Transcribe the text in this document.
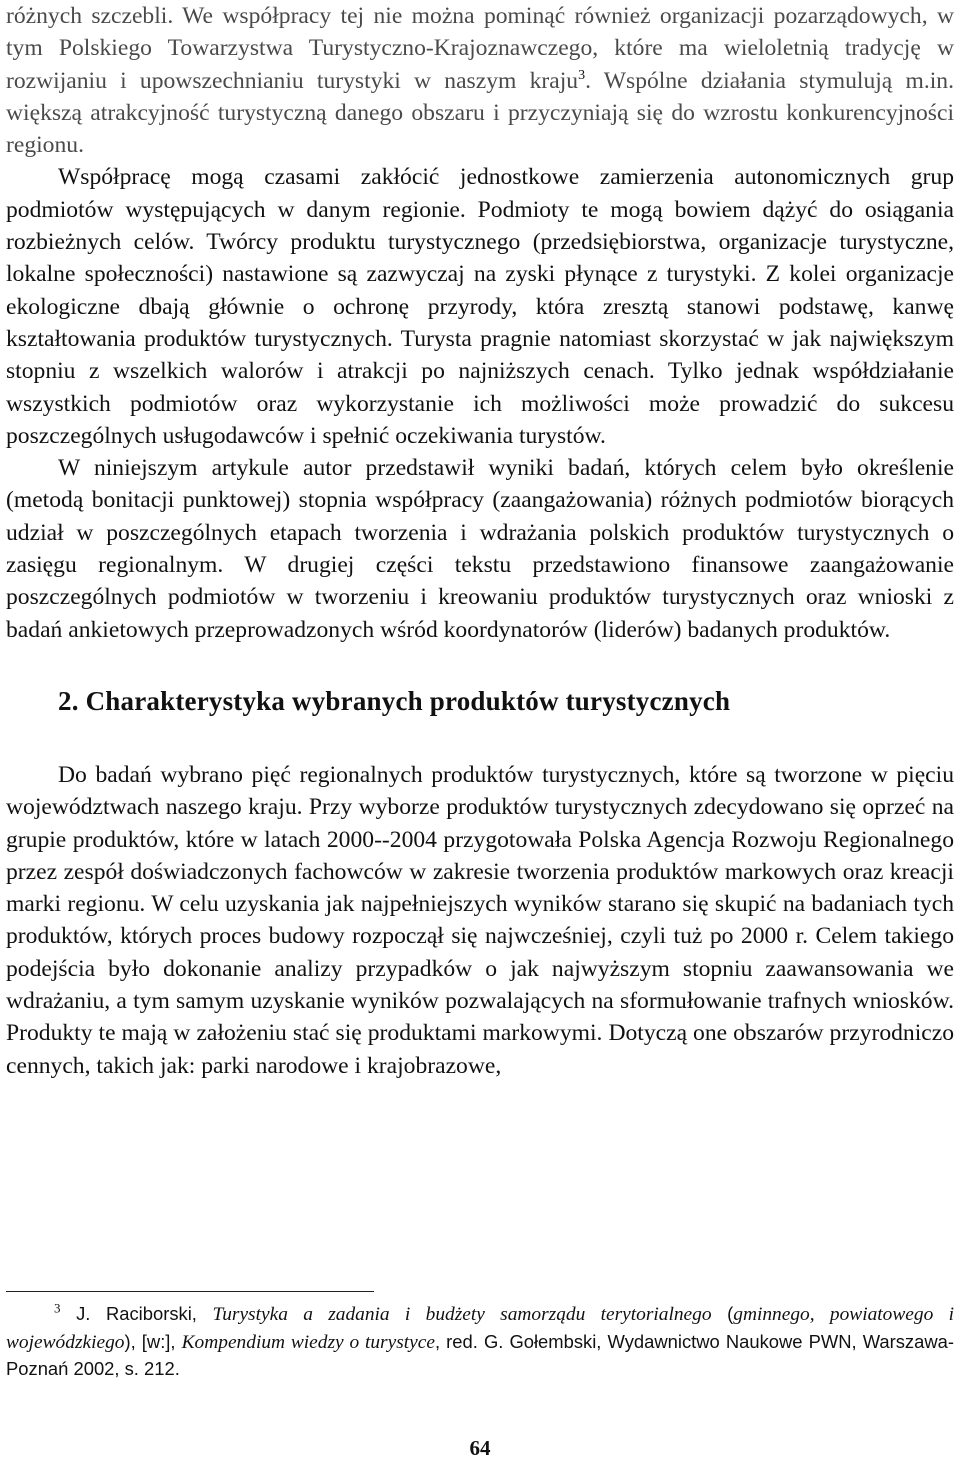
różnych szczebli. We współpracy tej nie można pominąć również organizacji pozarządowych, w tym Polskiego Towarzystwa Turystyczno-Krajoznawczego, które ma wieloletnią tradycję w rozwijaniu i upowszechnianiu turystyki w naszym kraju$^3$. Wspólne działania stymulują m.in. większą atrakcyjność turystyczną danego obszaru i przyczyniają się do wzrostu konkurencyjności regionu.

Współpracę mogą czasami zakłócić jednostkowe zamierzenia autonomicznych grup podmiotów występujących w danym regionie. Podmioty te mogą bowiem dążyć do osiągania rozbieżnych celów. Twórcy produktu turystycznego (przedsiębiorstwa, organizacje turystyczne, lokalne społeczności) nastawione są zazwyczaj na zyski płynące z turystyki. Z kolei organizacje ekologiczne dbają głównie o ochronę przyrody, która zresztą stanowi podstawę, kanwę kształtowania produktów turystycznych. Turysta pragnie natomiast skorzystać w jak największym stopniu z wszelkich walorów i atrakcji po najniższych cenach. Tylko jednak współdziałanie wszystkich podmiotów oraz wykorzystanie ich możliwości może prowadzić do sukcesu poszczególnych usługodawców i spełnić oczekiwania turystów.

W niniejszym artykule autor przedstawił wyniki badań, których celem było określenie (metodą bonitacji punktowej) stopnia współpracy (zaangażowania) różnych podmiotów biorących udział w poszczególnych etapach tworzenia i wdrażania polskich produktów turystycznych o zasięgu regionalnym. W drugiej części tekstu przedstawiono finansowe zaangażowanie poszczególnych podmiotów w tworzeniu i kreowaniu produktów turystycznych oraz wnioski z badań ankietowych przeprowadzonych wśród koordynatorów (liderów) badanych produktów.

2. Charakterystyka wybranych produktów turystycznych

Do badań wybrano pięć regionalnych produktów turystycznych, które są tworzone w pięciu województwach naszego kraju. Przy wyborze produktów turystycznych zdecydowano się oprzeć na grupie produktów, które w latach 2000--2004 przygotowała Polska Agencja Rozwoju Regionalnego przez zespół doświadczonych fachowców w zakresie tworzenia produktów markowych oraz kreacji marki regionu. W celu uzyskania jak najpełniejszych wyników starano się skupić na badaniach tych produktów, których proces budowy rozpoczął się najwcześniej, czyli tuż po 2000 r. Celem takiego podejścia było dokonanie analizy przypadków o jak najwyższym stopniu zaawansowania we wdrażaniu, a tym samym uzyskanie wyników pozwalających na sformułowanie trafnych wniosków. Produkty te mają w założeniu stać się produktami markowymi. Dotyczą one obszarów przyrodniczo cennych, takich jak: parki narodowe i krajobrazowe,

$^3$ J. Raciborski, Turystyka a zadania i budżety samorządu terytorialnego (gminnego, powiatowego i wojewódzkiego), [w:], Kompendium wiedzy o turystyce, red. G. Gołembski, Wydawnictwo Naukowe PWN, Warszawa-Poznań 2002, s. 212.
64
